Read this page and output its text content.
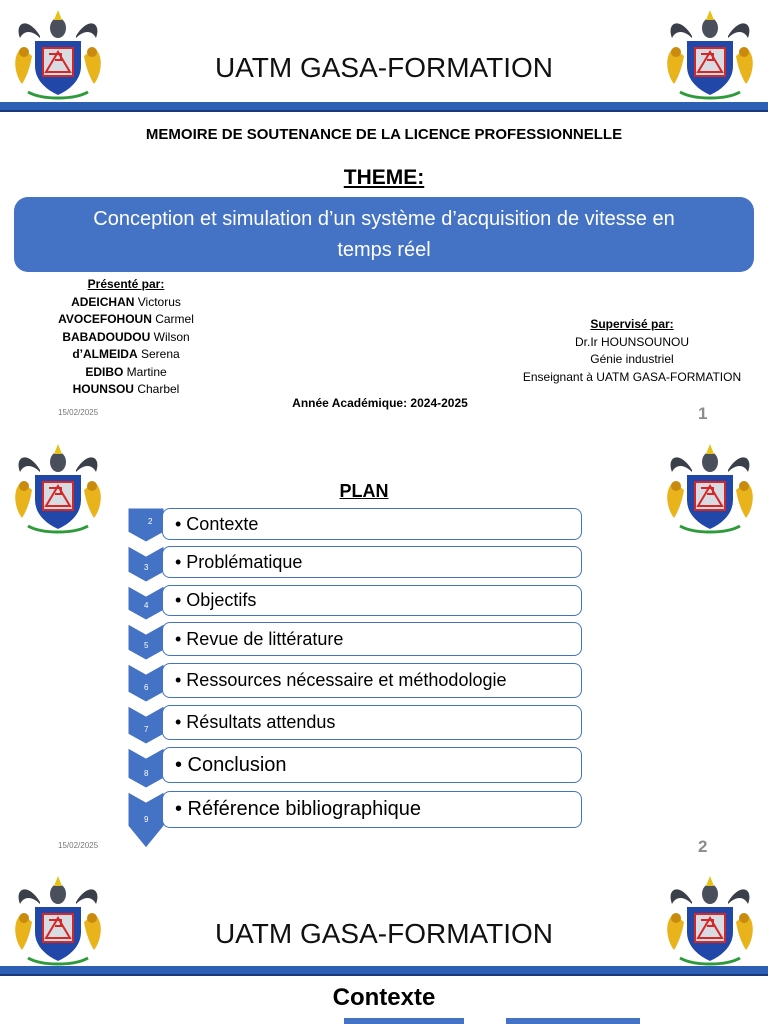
UATM GASA-FORMATION
MEMOIRE DE SOUTENANCE DE LA LICENCE PROFESSIONNELLE
THEME:
Conception et simulation d’un système d’acquisition de vitesse en
temps réel
Présenté par:
ADEICHAN Victorus
AVOCEFOHOUN Carmel
BABADOUDOU Wilson
d’ALMEIDA Serena
EDIBO Martine
HOUNSOU Charbel
Supervisé par:
Dr.Ir HOUNSOUNOU
Génie industriel
Enseignant à UATM GASA-FORMATION
15/02/2025
Année Académique: 2024-2025
1
PLAN
2
3
4
5
6
7
8
9
• Contexte
• Problématique
• Objectifs
• Revue de littérature
• Ressources nécessaire et méthodologie
• Résultats attendus
• Conclusion
• Référence bibliographique
15/02/2025	2
UATM GASA-FORMATION
Contexte
